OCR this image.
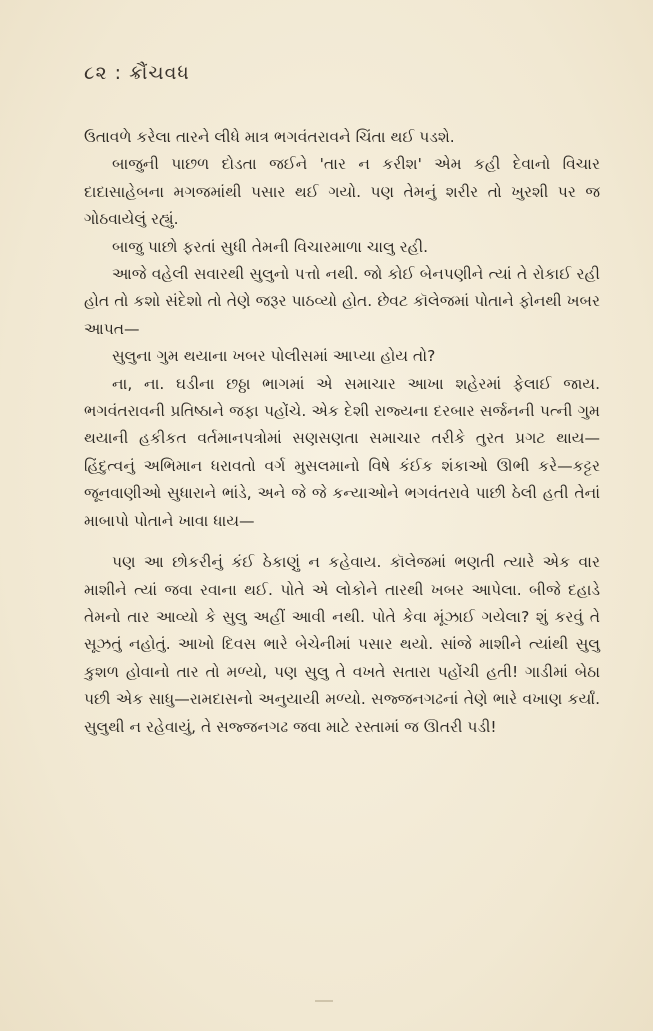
૮૨ : ક્રૌંચવધ

ઉતાવળે કરેલા તારને લીધે માત્ર ભગવંતરાવને ચિંતા થઈ પડશે.

બાજુની પાછળ દોડતા જઈને 'તાર ન કરીશ' એમ કહી દેવાનો વિચાર દાદાસાહેબના મગજમાંથી પસાર થઈ ગયો. પણ તેમનું શરીર તો ખુરશી પર જ ગોઠવાયેલું રહ્યું.

બાજુ પાછો ફરતાં સુધી તેમની વિચારમાળા ચાલુ રહી.

આજે વહેલી સવારથી સુલુનો પત્તો નથી. જો કોઈ બેનપણીને ત્યાં તે રોકાઈ રહી હોત તો કશો સંદેશો તો તેણે જરૂર પાઠવ્યો હોત. છેવટ કૉલેજમાં પોતાને ફોનથી ખબર આપત—

સુલુના ગુમ થયાના ખબર પોલીસમાં આપ્યા હોય તો?

ના, ના. ઘડીના છઠ્ઠા ભાગમાં એ સમાચાર આખા શહેરમાં ફેલાઈ જાય. ભગવંતરાવની પ્રતિષ્ઠાને જફા પહોંચે. એક દેશી રાજ્યના દરબાર સર્જનની પત્ની ગુમ થયાની હકીકત વર્તમાનપત્રોમાં સણસણતા સમાચાર તરીકે તુરત પ્રગટ થાય—હિંદુત્વનું અભિમાન ધરાવતો વર્ગ મુસલમાનો વિષે કંઈક શંકાઓ ઊભી કરે—કટ્ટર જૂનવાણીઓ સુધારાને ભાંડે, અને જે જે કન્યાઓને ભગવંતરાવે પાછી ઠેલી હતી તેનાં માબાપો પોતાને ખાવા ધાય—

પણ આ છોકરીનું કંઈ ઠેકાણું ન કહેવાય. કૉલેજમાં ભણતી ત્યારે એક વાર માશીને ત્યાં જવા રવાના થઈ. પોતે એ લોકોને તારથી ખબર આપેલા. બીજે દહાડે તેમનો તાર આવ્યો કે સુલુ અહીં આવી નથી. પોતે કેવા મૂંઝાઈ ગયેલા? શું કરવું તે સૂઝતું નહોતું. આખો દિવસ ભારે બેચેનીમાં પસાર થયો. સાંજે માશીને ત્યાંથી સુલુ કુશળ હોવાનો તાર તો મળ્યો, પણ સુલુ તે વખતે સતારા પહોંચી હતી! ગાડીમાં બેઠા પછી એક સાધુ—રામદાસનો અનુયાયી મળ્યો. સજ્જનગઢનાં તેણે ભારે વખાણ કર્યાં. સુલુથી ન રહેવાયું, તે સજ્જનગઢ જવા માટે રસ્તામાં જ ઊતરી પડી!
